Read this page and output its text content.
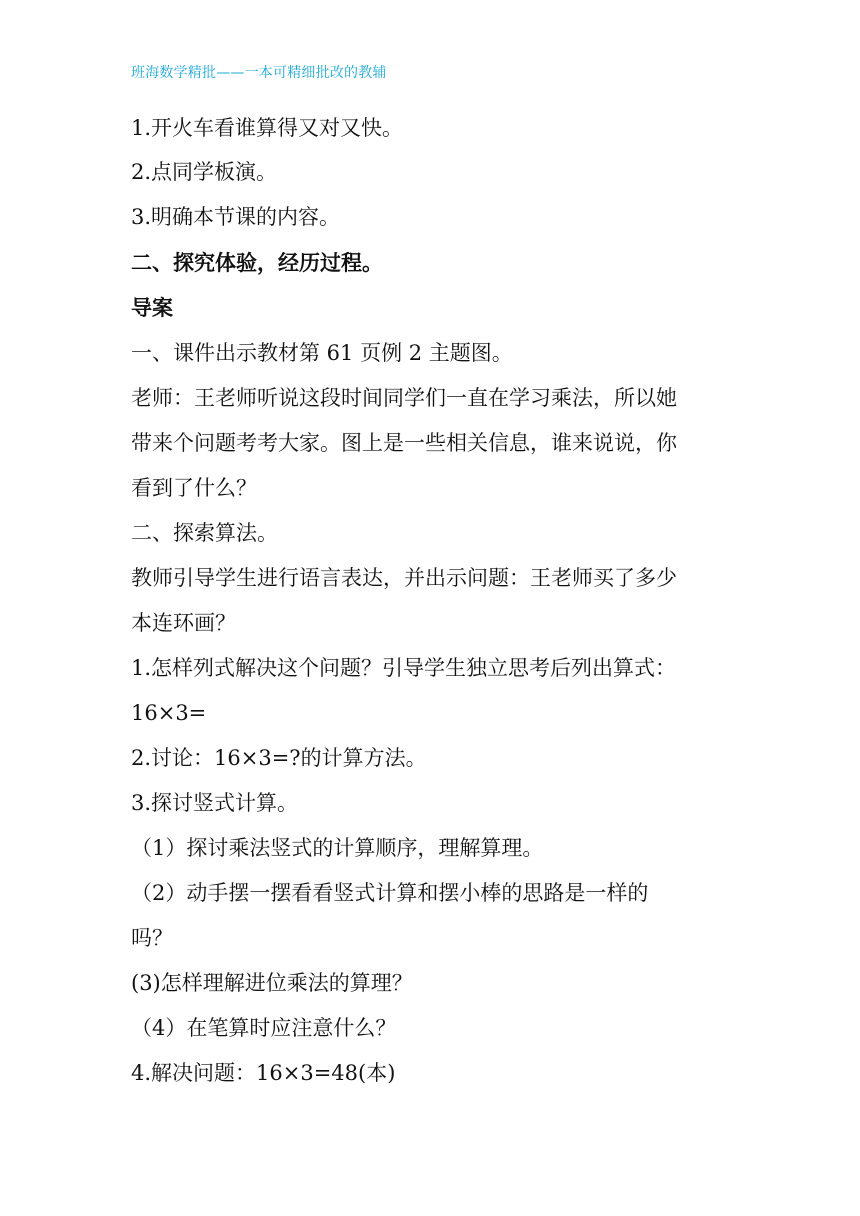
班海数学精批——一本可精细批改的教辅
1.开火车看谁算得又对又快。
2.点同学板演。
3.明确本节课的内容。
二、探究体验，经历过程。
导案
一、课件出示教材第 61 页例 2 主题图。
老师：王老师听说这段时间同学们一直在学习乘法，所以她
带来个问题考考大家。图上是一些相关信息，谁来说说，你
看到了什么？
二、探索算法。
教师引导学生进行语言表达，并出示问题：王老师买了多少
本连环画？
1.怎样列式解决这个问题？引导学生独立思考后列出算式：
16×3=
2.讨论：16×3=?的计算方法。
3.探讨竖式计算。
（1）探讨乘法竖式的计算顺序，理解算理。
（2）动手摆一摆看看竖式计算和摆小棒的思路是一样的
吗？
(3)怎样理解进位乘法的算理？
（4）在笔算时应注意什么？
4.解决问题：16×3=48(本)
